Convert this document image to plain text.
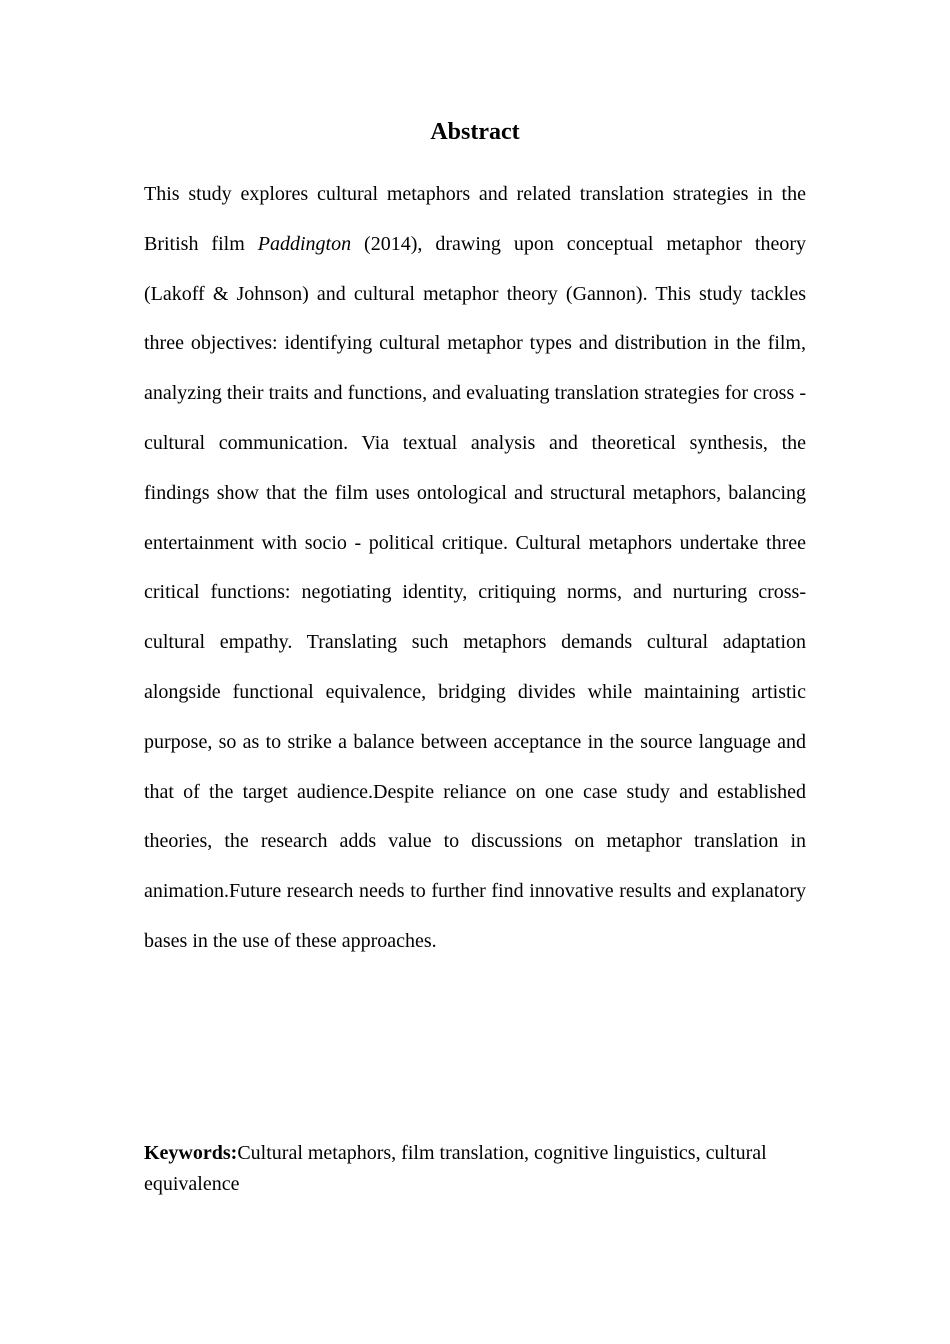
Abstract

This study explores cultural metaphors and related translation strategies in the British film Paddington (2014), drawing upon conceptual metaphor theory (Lakoff & Johnson) and cultural metaphor theory (Gannon). This study tackles three objectives: identifying cultural metaphor types and distribution in the film, analyzing their traits and functions, and evaluating translation strategies for cross - cultural communication. Via textual analysis and theoretical synthesis, the findings show that the film uses ontological and structural metaphors, balancing entertainment with socio - political critique. Cultural metaphors undertake three critical functions: negotiating identity, critiquing norms, and nurturing cross-cultural empathy. Translating such metaphors demands cultural adaptation alongside functional equivalence, bridging divides while maintaining artistic purpose, so as to strike a balance between acceptance in the source language and that of the target audience.Despite reliance on one case study and established theories, the research adds value to discussions on metaphor translation in animation.Future research needs to further find innovative results and explanatory bases in the use of these approaches.

Keywords:Cultural metaphors, film translation, cognitive linguistics, cultural equivalence
